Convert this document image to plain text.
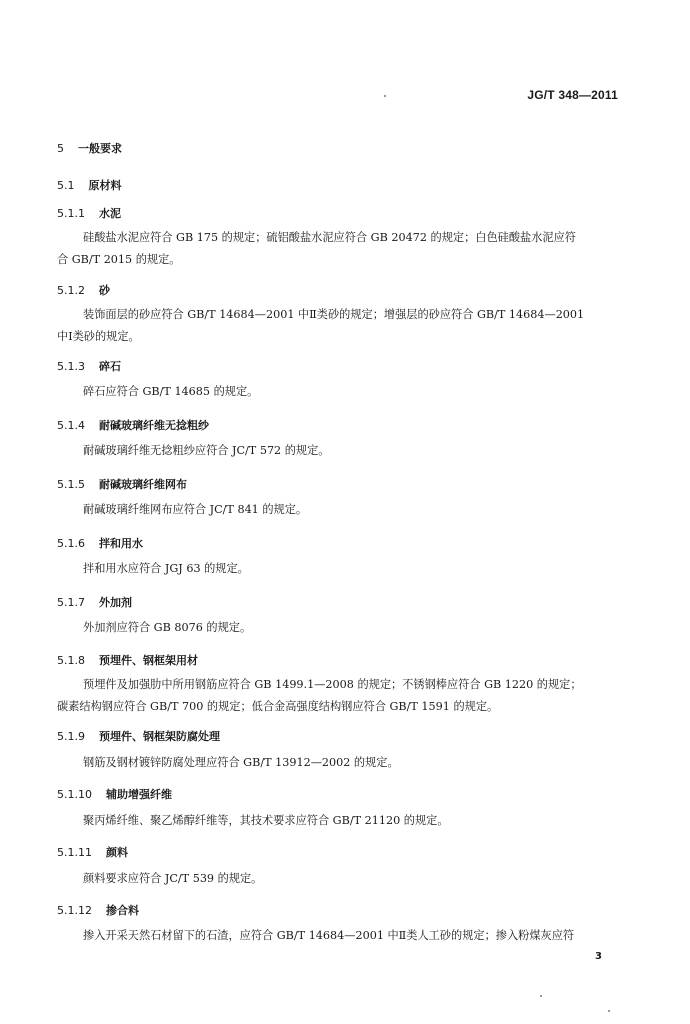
JG/T 348—2011
5 一般要求
5.1 原材料
5.1.1 水泥
硅酸盐水泥应符合 GB 175 的规定；硫铝酸盐水泥应符合 GB 20472 的规定；白色硅酸盐水泥应符
合 GB/T 2015 的规定。
5.1.2 砂
装饰面层的砂应符合 GB/T 14684—2001 中Ⅱ类砂的规定；增强层的砂应符合 GB/T 14684—2001
中Ⅰ类砂的规定。
5.1.3 碎石
碎石应符合 GB/T 14685 的规定。
5.1.4 耐碱玻璃纤维无捻粗纱
耐碱玻璃纤维无捻粗纱应符合 JC/T 572 的规定。
5.1.5 耐碱玻璃纤维网布
耐碱玻璃纤维网布应符合 JC/T 841 的规定。
5.1.6 拌和用水
拌和用水应符合 JGJ 63 的规定。
5.1.7 外加剂
外加剂应符合 GB 8076 的规定。
5.1.8 预埋件、钢框架用材
预埋件及加强肋中所用钢筋应符合 GB 1499.1—2008 的规定；不锈钢棒应符合 GB 1220 的规定；
碳素结构钢应符合 GB/T 700 的规定；低合金高强度结构钢应符合 GB/T 1591 的规定。
5.1.9 预埋件、钢框架防腐处理
钢筋及钢材镀锌防腐处理应符合 GB/T 13912—2002 的规定。
5.1.10 辅助增强纤维
聚丙烯纤维、聚乙烯醇纤维等，其技术要求应符合 GB/T 21120 的规定。
5.1.11 颜料
颜料要求应符合 JC/T 539 的规定。
5.1.12 掺合料
掺入开采天然石材留下的石渣，应符合 GB/T 14684—2001 中Ⅱ类人工砂的规定；掺入粉煤灰应符
3
